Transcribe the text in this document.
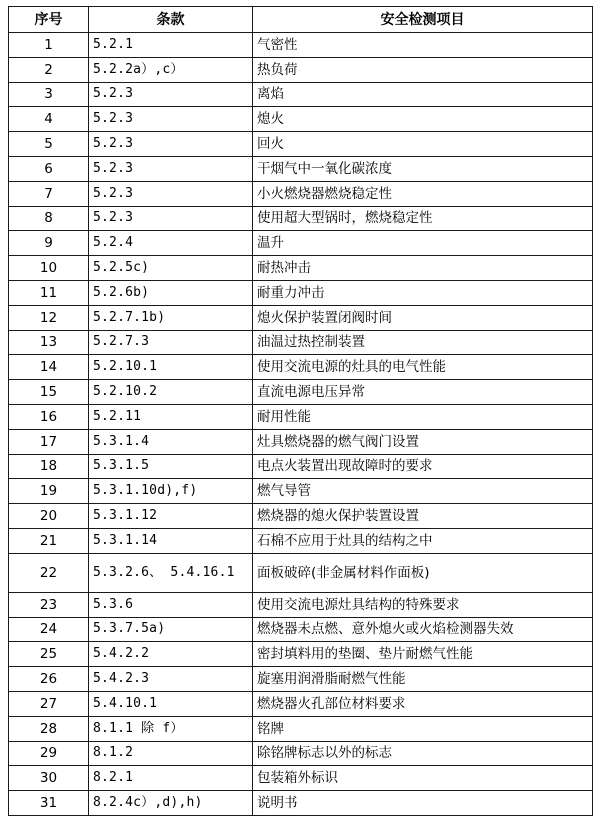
序号	条款	安全检测项目
1	5.2.1	气密性
2	5.2.2a）,c）	热负荷
3	5.2.3	离焰
4	5.2.3	熄火
5	5.2.3	回火
6	5.2.3	干烟气中一氧化碳浓度
7	5.2.3	小火燃烧器燃烧稳定性
8	5.2.3	使用超大型锅时，燃烧稳定性
9	5.2.4	温升
10	5.2.5c)	耐热冲击
11	5.2.6b)	耐重力冲击
12	5.2.7.1b)	熄火保护装置闭阀时间
13	5.2.7.3	油温过热控制装置
14	5.2.10.1	使用交流电源的灶具的电气性能
15	5.2.10.2	直流电源电压异常
16	5.2.11	耐用性能
17	5.3.1.4	灶具燃烧器的燃气阀门设置
18	5.3.1.5	电点火装置出现故障时的要求
19	5.3.1.10d),f)	燃气导管
20	5.3.1.12	燃烧器的熄火保护装置设置
21	5.3.1.14	石棉不应用于灶具的结构之中
22	5.3.2.6、 5.4.16.1	面板破碎(非金属材料作面板)
23	5.3.6	使用交流电源灶具结构的特殊要求
24	5.3.7.5a)	燃烧器未点燃、意外熄火或火焰检测器失效
25	5.4.2.2	密封填料用的垫圈、垫片耐燃气性能
26	5.4.2.3	旋塞用润滑脂耐燃气性能
27	5.4.10.1	燃烧器火孔部位材料要求
28	8.1.1 除 f）	铭牌
29	8.1.2	除铭牌标志以外的标志
30	8.2.1	包装箱外标识
31	8.2.4c）,d),h)	说明书
